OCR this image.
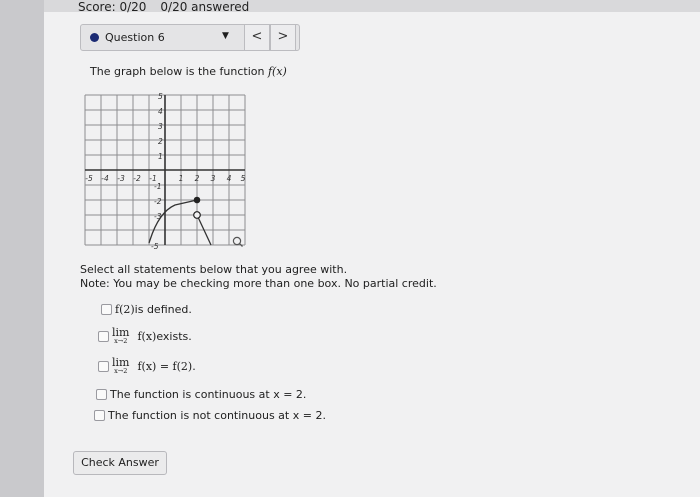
Score: 0/20 0/20 answered
Question 6	▼	<	>
The graph below is the function f(x)
-5 -4 -3 -2 -1	1 2 3 4 5
5
4
3
2
1
-1
-2
-3
-5
Select all statements below that you agree with.
Note: You may be checking more than one box. No partial credit.
f(2) is defined.
lim
x→2 f(x) exists.
lim
x→2 f(x) = f(2).
The function is continuous at x = 2.
The function is not continuous at x = 2.
Check Answer
